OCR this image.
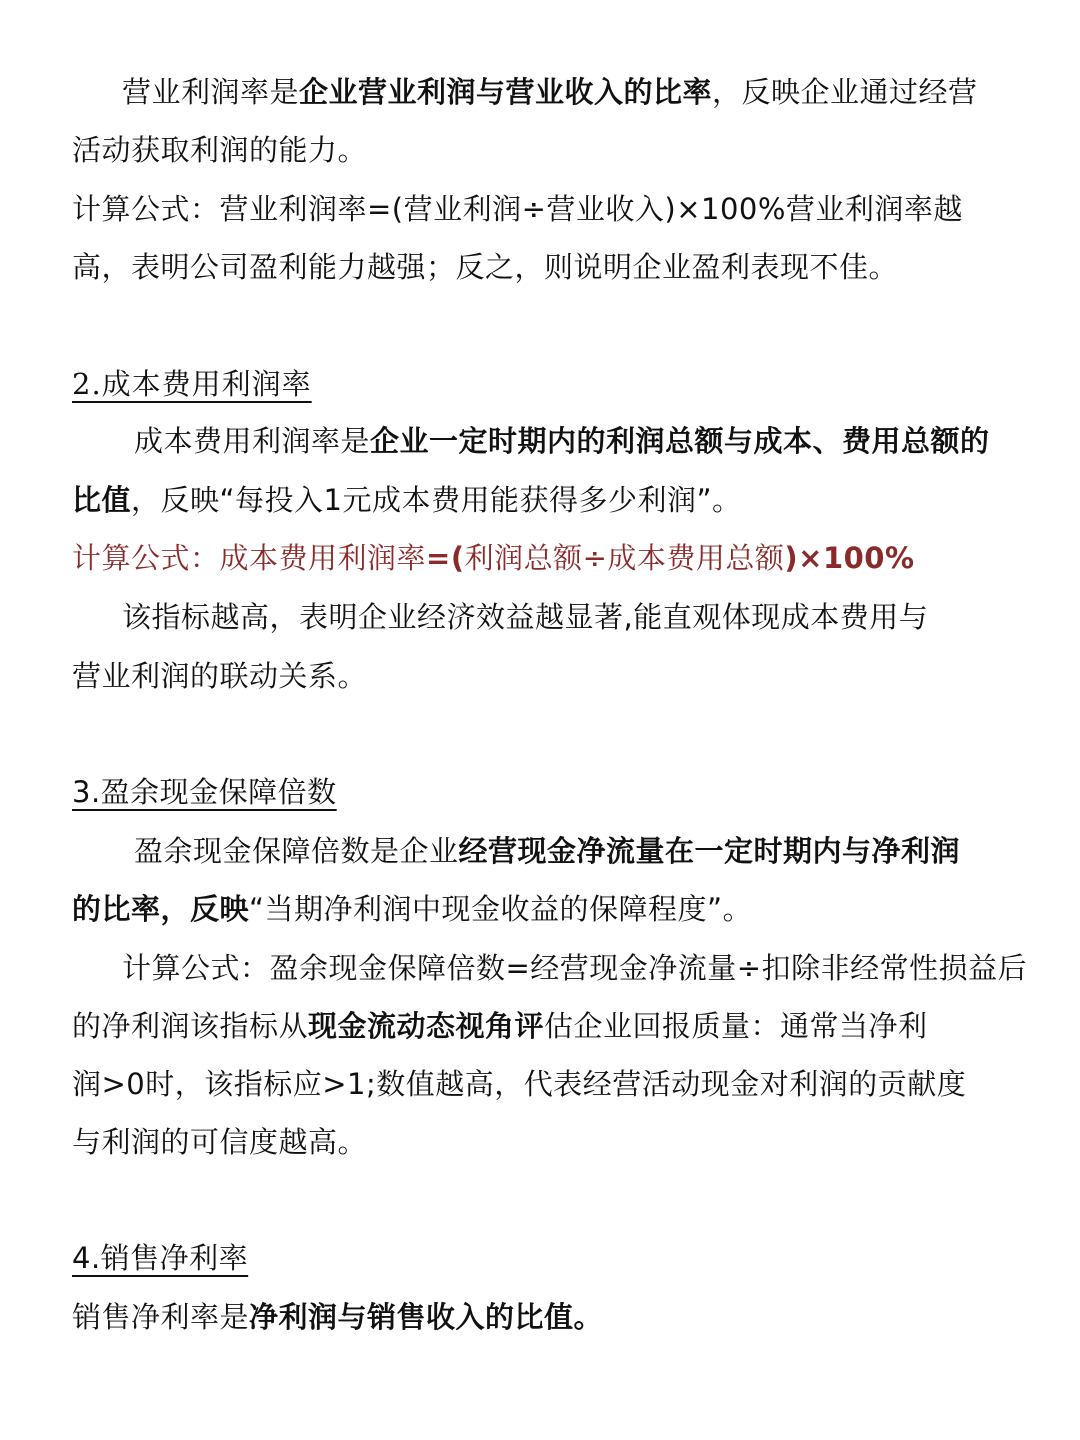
营业利润率是企业营业利润与营业收入的比率，反映企业通过经营
活动获取利润的能力。
计算公式：营业利润率=(营业利润÷营业收入)×100%营业利润率越
高，表明公司盈利能力越强；反之，则说明企业盈利表现不佳。
2.成本费用利润率
成本费用利润率是企业一定时期内的利润总额与成本、费用总额的
比值，反映“每投入1元成本费用能获得多少利润”。
计算公式：成本费用利润率=(利润总额÷成本费用总额)×100%
该指标越高，表明企业经济效益越显著,能直观体现成本费用与
营业利润的联动关系。
3.盈余现金保障倍数
盈余现金保障倍数是企业经营现金净流量在一定时期内与净利润
的比率，反映“当期净利润中现金收益的保障程度”。
计算公式：盈余现金保障倍数=经营现金净流量÷扣除非经常性损益后
的净利润该指标从现金流动态视角评估企业回报质量：通常当净利
润>0时，该指标应>1;数值越高，代表经营活动现金对利润的贡献度
与利润的可信度越高。
4.销售净利率
销售净利率是净利润与销售收入的比值。
